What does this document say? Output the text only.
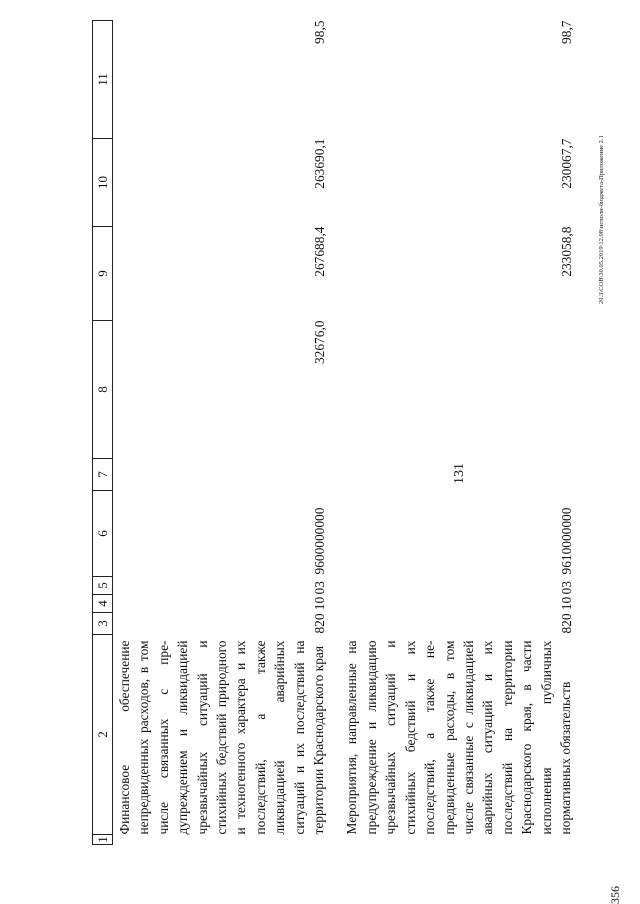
131
20.3\СОВ\30.05.2019\12.08\исполн-бюджета-Приложение 2.1
356
1	2	3	4	5	6	7	8	9	10	11
	Финансовое обеспечение непредвиденных расходов, в том числе связанных с предупреждением и ликвидацией чрезвычайных ситуаций и стихийных бедствий природного и техногенного характера и их последствий, а также ликвидацией аварийных ситуаций и их последствий на территории Краснодарского края	820	10	03	9600000000		32676,0	267688,4	263690,1	98,5
	Мероприятия, направленные на предупреждение и ликвидацию чрезвычайных ситуаций и стихийных бедствий и их последствий, а также непредвиденные расходы, в том числе связанные с ликвидацией аварийных ситуаций и их последствий на территории Краснодарского края, в части исполнения публичных нормативных обязательств	820	10	03	9610000000			233058,8	230067,7	98,7
